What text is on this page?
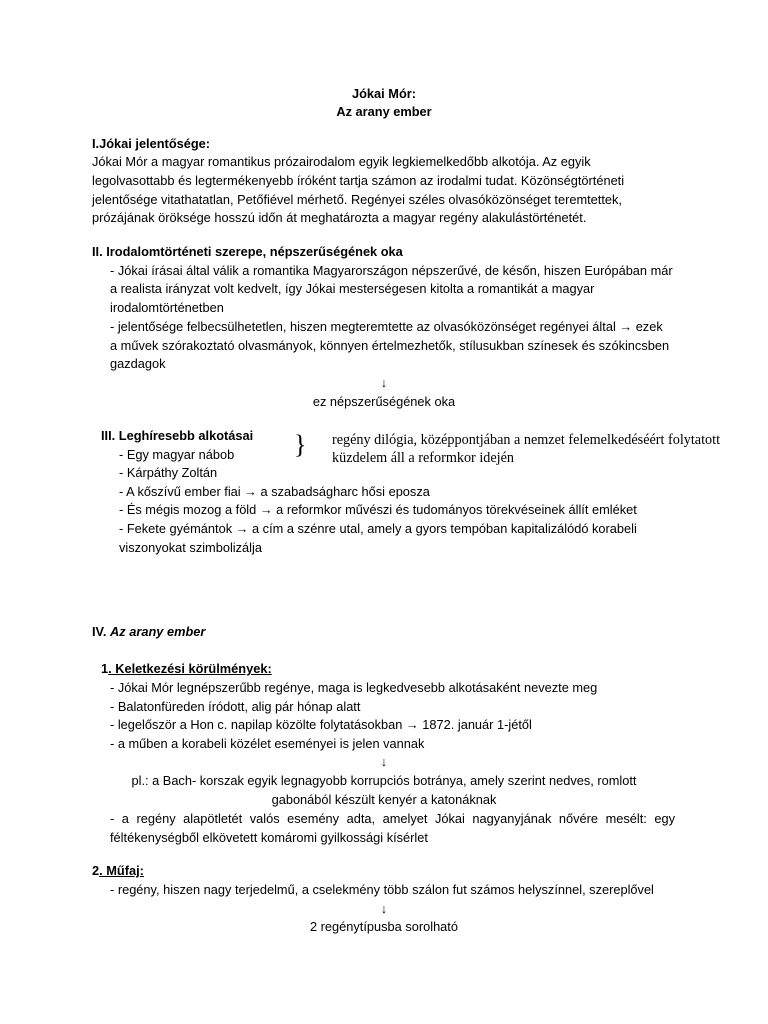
Jókai Mór:
Az arany ember
I.Jókai jelentősége:
Jókai Mór a magyar romantikus prózairodalom egyik legkiemelkedőbb alkotója. Az egyik
legolvasottabb és legtermékenyebb íróként tartja számon az irodalmi tudat. Közönségtörténeti
jelentősége vitathatatlan, Petőfiével mérhető. Regényei széles olvasóközönséget teremtettek,
prózájának öröksége hosszú időn át meghatározta a magyar regény alakulástörténetét.
II. Irodalomtörténeti szerepe, népszerűségének oka
- Jókai írásai által válik a romantika Magyarországon népszerűvé, de későn, hiszen Európában már
a realista irányzat volt kedvelt, így Jókai mesterségesen kitolta a romantikát a magyar
irodalomtörténetben
- jelentősége felbecsülhetetlen, hiszen megteremtette az olvasóközönséget regényei által → ezek
a művek szórakoztató olvasmányok, könnyen értelmezhetők, stílusukban színesek és szókincsben
gazdagok
↓
ez népszerűségének oka
III. Leghíresebb alkotásai
- Egy magyar nábob
- Kárpáthy Zoltán
- A kőszívű ember fiai → a szabadságharc hősi eposza
- És mégis mozog a föld → a reformkor művészi és tudományos törekvéseinek állít emléket
- Fekete gyémántok → a cím a szénre utal, amely a gyors tempóban kapitalizálódó korabeli
viszonyokat szimbolizálja
} regény dilógia, középpontjában a nemzet felemelkedéséért folytatott
küzdelem áll a reformkor idején
IV. Az arany ember
1. Keletkezési körülmények:
- Jókai Mór legnépszerűbb regénye, maga is legkedvesebb alkotásaként nevezte meg
- Balatonfüreden íródott, alig pár hónap alatt
- legelőször a Hon c. napilap közölte folytatásokban → 1872. január 1-jétől
- a műben a korabeli közélet eseményei is jelen vannak
↓
pl.: a Bach- korszak egyik legnagyobb korrupciós botránya, amely szerint nedves, romlott
gabonából készült kenyér a katonáknak
- a regény alapötletét valós esemény adta, amelyet Jókai nagyanyjának nővére mesélt: egy
féltékenységből elkövetett komáromi gyilkossági kísérlet
2. Műfaj:
- regény, hiszen nagy terjedelmű, a cselekmény több szálon fut számos helyszínnel, szereplővel
↓
2 regénytípusba sorolható
